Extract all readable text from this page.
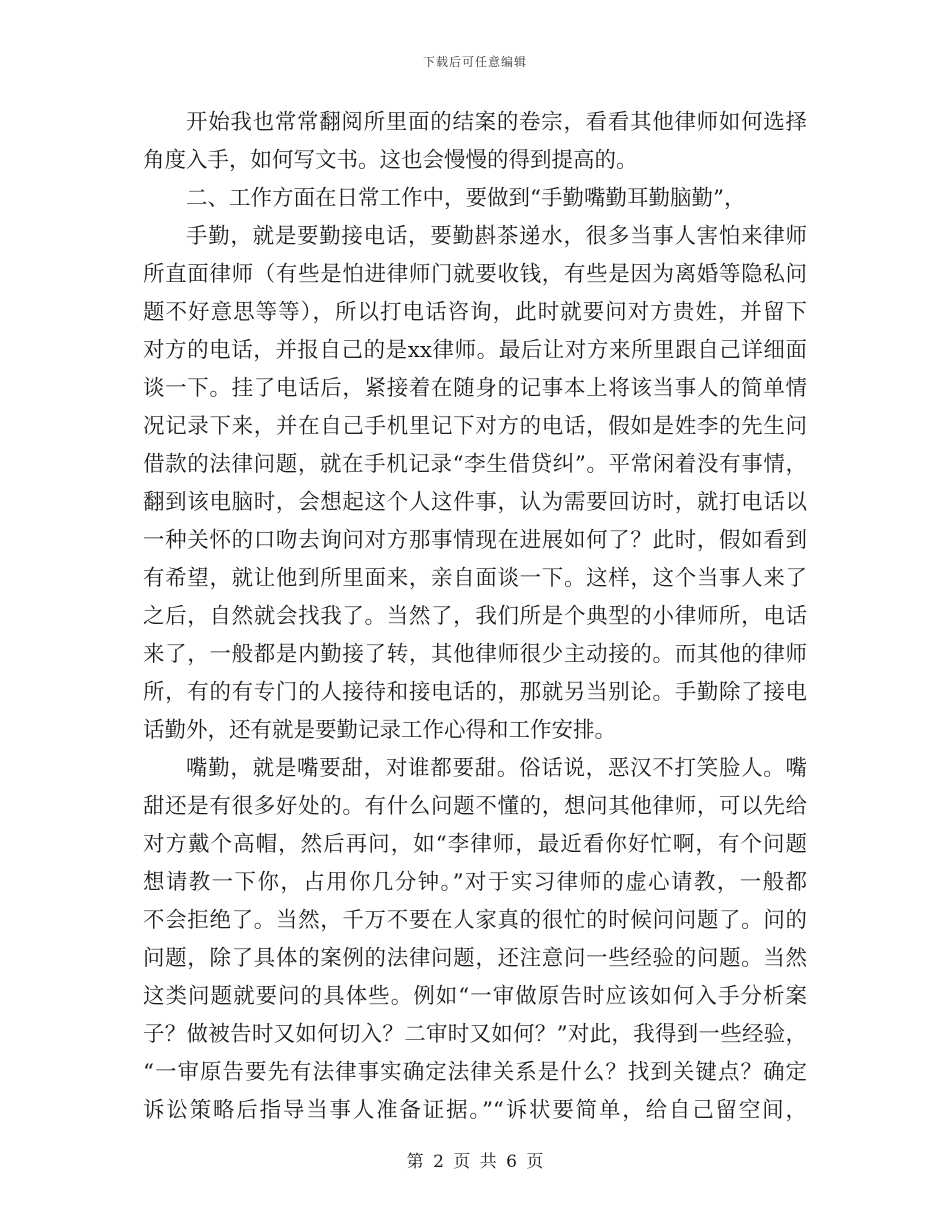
下载后可任意编辑
开始我也常常翻阅所里面的结案的卷宗，看看其他律师如何选择
角度入手，如何写文书。这也会慢慢的得到提高的。
二、工作方面在日常工作中，要做到“手勤嘴勤耳勤脑勤”，
手勤，就是要勤接电话，要勤斟茶递水，很多当事人害怕来律师
所直面律师（有些是怕进律师门就要收钱，有些是因为离婚等隐私问
题不好意思等等），所以打电话咨询，此时就要问对方贵姓，并留下
对方的电话，并报自己的是xx律师。最后让对方来所里跟自己详细面
谈一下。挂了电话后，紧接着在随身的记事本上将该当事人的简单情
况记录下来，并在自己手机里记下对方的电话，假如是姓李的先生问
借款的法律问题，就在手机记录“李生借贷纠”。平常闲着没有事情，
翻到该电脑时，会想起这个人这件事，认为需要回访时，就打电话以
一种关怀的口吻去询问对方那事情现在进展如何了？此时，假如看到
有希望，就让他到所里面来，亲自面谈一下。这样，这个当事人来了
之后，自然就会找我了。当然了，我们所是个典型的小律师所，电话
来了，一般都是内勤接了转，其他律师很少主动接的。而其他的律师
所，有的有专门的人接待和接电话的，那就另当别论。手勤除了接电
话勤外，还有就是要勤记录工作心得和工作安排。
嘴勤，就是嘴要甜，对谁都要甜。俗话说，恶汉不打笑脸人。嘴
甜还是有很多好处的。有什么问题不懂的，想问其他律师，可以先给
对方戴个高帽，然后再问，如“李律师，最近看你好忙啊，有个问题
想请教一下你，占用你几分钟。”对于实习律师的虚心请教，一般都
不会拒绝了。当然，千万不要在人家真的很忙的时候问问题了。问的
问题，除了具体的案例的法律问题，还注意问一些经验的问题。当然
这类问题就要问的具体些。例如“一审做原告时应该如何入手分析案
子？做被告时又如何切入？二审时又如何？”对此，我得到一些经验，
“一审原告要先有法律事实确定法律关系是什么？找到关键点？确定
诉讼策略后指导当事人准备证据。”“诉状要简单，给自己留空间，
第 2 页 共 6 页
